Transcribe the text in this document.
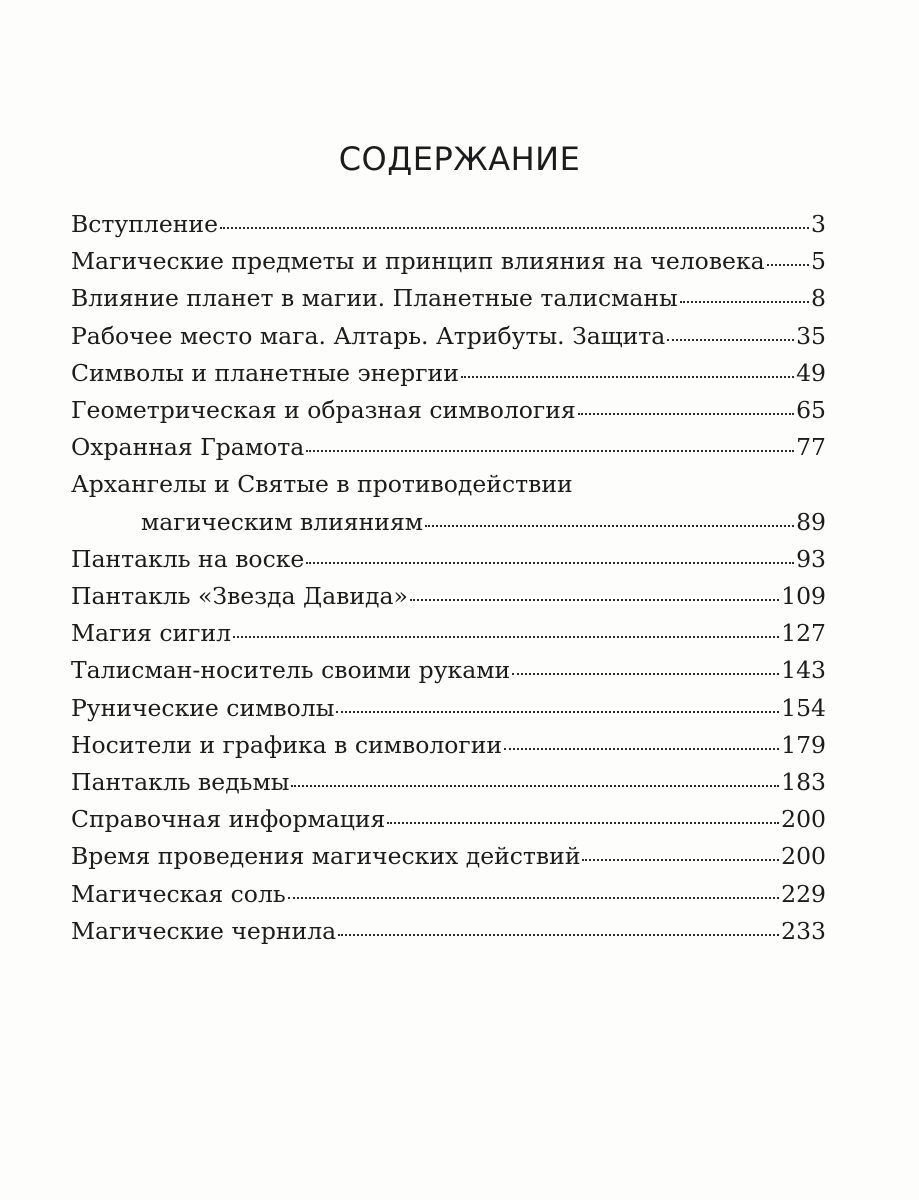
СОДЕРЖАНИЕ
Вступление	3
Магические предметы и принцип влияния на человека 5
Влияние планет в магии. Планетные талисманы	8
Рабочее место мага. Алтарь. Атрибуты. Защита	35
Символы и планетные энергии	49
Геометрическая и образная симвология	65
Охранная Грамота	77
Архангелы и Святые в противодействии
магическим влияниям	89
Пантакль на воске	93
Пантакль «Звезда Давида»	109
Магия сигил	127
Талисман-носитель своими руками	143
Рунические символы	154
Носители и графика в символогии	179
Пантакль ведьмы	183
Справочная информация	200
Время проведения магических действий	200
Магическая соль	229
Магические чернила	233
